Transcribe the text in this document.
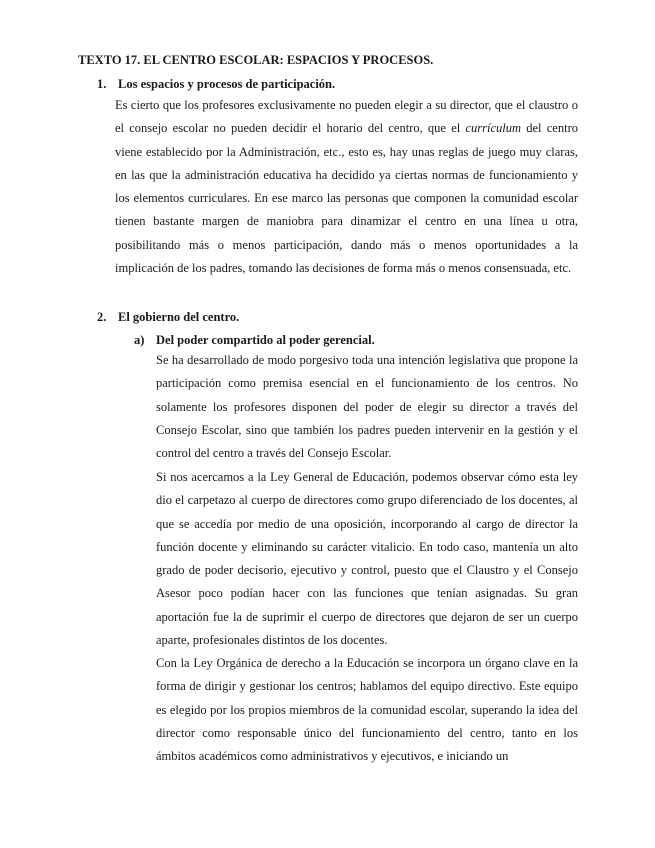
TEXTO 17. EL CENTRO ESCOLAR: ESPACIOS Y PROCESOS.
1. Los espacios y procesos de participación.

Es cierto que los profesores exclusivamente no pueden elegir a su director, que el claustro o el consejo escolar no pueden decidir el horario del centro, que el currículum del centro viene establecido por la Administración, etc., esto es, hay unas reglas de juego muy claras, en las que la administración educativa ha decidido ya ciertas normas de funcionamiento y los elementos curriculares. En ese marco las personas que componen la comunidad escolar tienen bastante margen de maniobra para dinamizar el centro en una línea u otra, posibilitando más o menos participación, dando más o menos oportunidades a la implicación de los padres, tomando las decisiones de forma más o menos consensuada, etc.

2. El gobierno del centro.
a) Del poder compartido al poder gerencial.

Se ha desarrollado de modo porgesivo toda una intención legislativa que propone la participación como premisa esencial en el funcionamiento de los centros. No solamente los profesores disponen del poder de elegir su director a través del Consejo Escolar, sino que también los padres pueden intervenir en la gestión y el control del centro a través del Consejo Escolar.

Si nos acercamos a la Ley General de Educación, podemos observar cómo esta ley dio el carpetazo al cuerpo de directores como grupo diferenciado de los docentes, al que se accedía por medio de una oposición, incorporando al cargo de director la función docente y eliminando su carácter vitalicio. En todo caso, mantenía un alto grado de poder decisorio, ejecutivo y control, puesto que el Claustro y el Consejo Asesor poco podían hacer con las funciones que tenían asignadas. Su gran aportación fue la de suprimir el cuerpo de directores que dejaron de ser un cuerpo aparte, profesionales distintos de los docentes.

Con la Ley Orgánica de derecho a la Educación se incorpora un órgano clave en la forma de dirigir y gestionar los centros; hablamos del equipo directivo. Este equipo es elegido por los propios miembros de la comunidad escolar, superando la idea del director como responsable único del funcionamiento del centro, tanto en los ámbitos académicos como administrativos y ejecutivos, e iniciando un
